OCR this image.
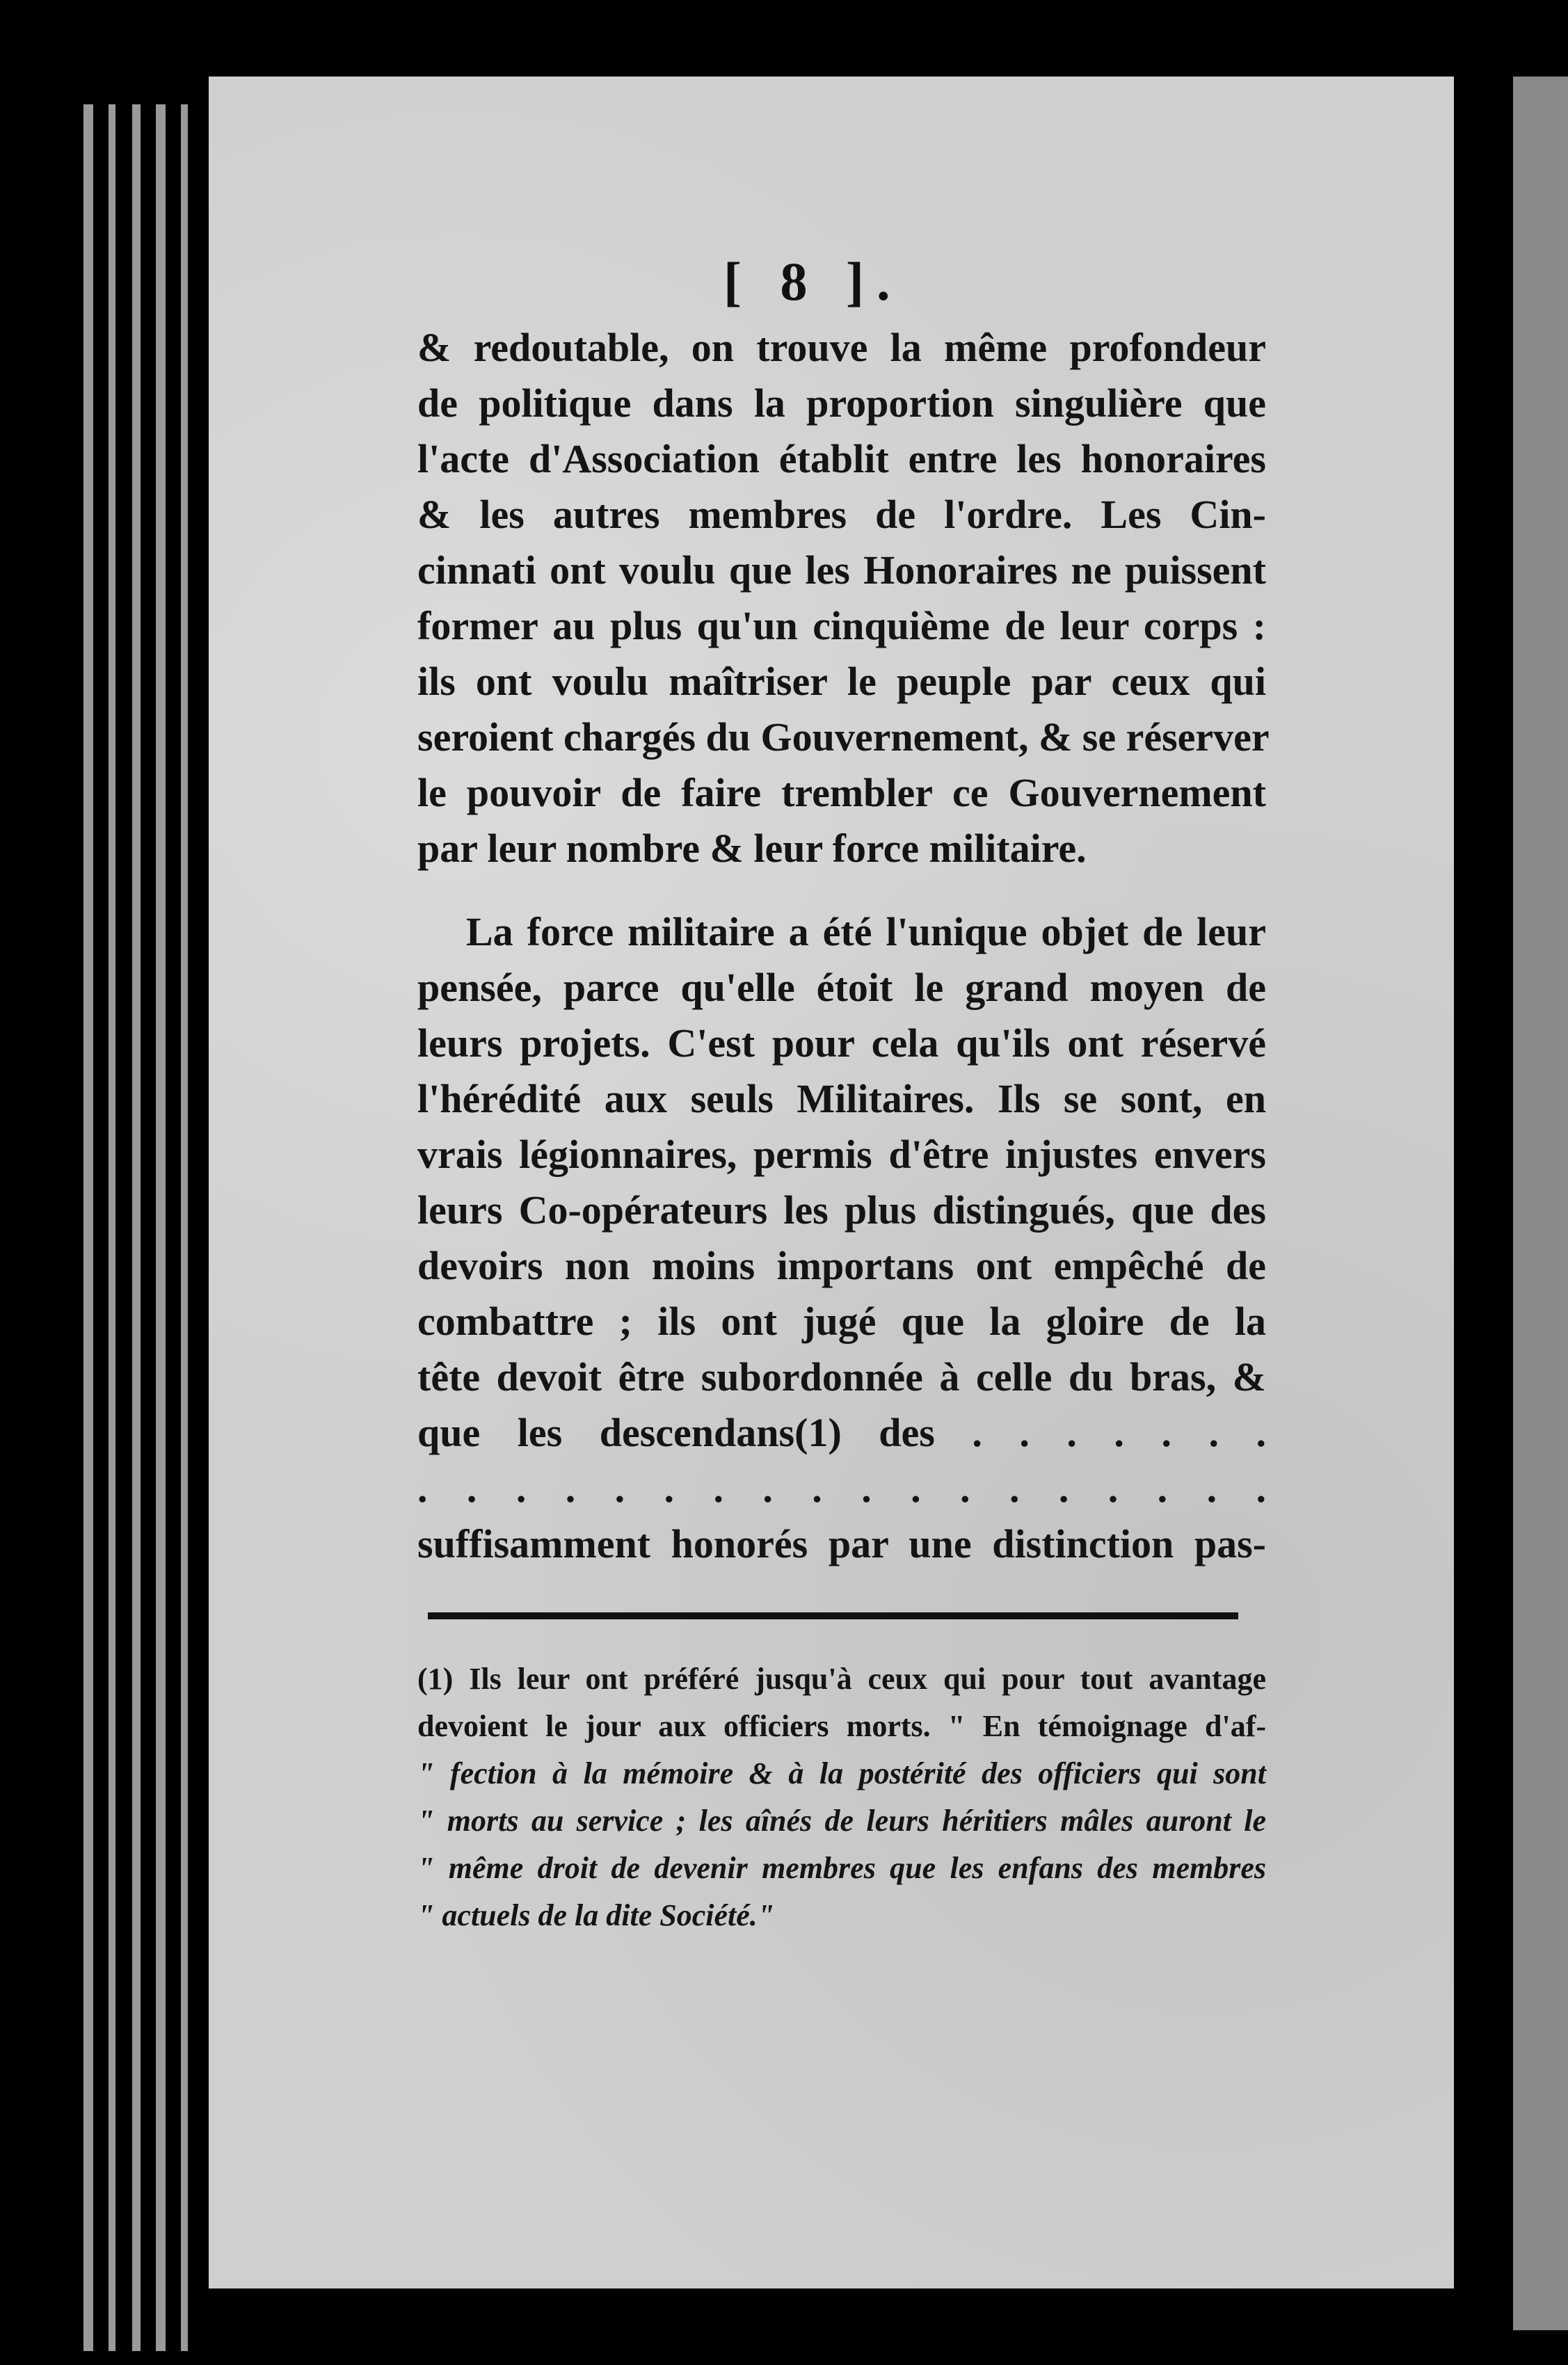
[ 8 ].
& redoutable, on trouve la même profondeur
de politique dans la proportion singulière que
l'acte d'Association établit entre les honoraires
& les autres membres de l'ordre. Les Cin-
cinnati ont voulu que les Honoraires ne puissent
former au plus qu'un cinquième de leur corps :
ils ont voulu maîtriser le peuple par ceux qui
seroient chargés du Gouvernement, & se réserver
le pouvoir de faire trembler ce Gouvernement
par leur nombre & leur force militaire.
La force militaire a été l'unique objet de leur
pensée, parce qu'elle étoit le grand moyen de
leurs projets. C'est pour cela qu'ils ont réservé
l'hérédité aux seuls Militaires. Ils se sont, en
vrais légionnaires, permis d'être injustes envers
leurs Co-opérateurs les plus distingués, que des
devoirs non moins importans ont empêché de
combattre ; ils ont jugé que la gloire de la
tête devoit être subordonnée à celle du bras, &
que les descendans(1) des . . . . . . .
. . . . . . . . . . . . . . . . . .
suffisamment honorés par une distinction pas-
(1) Ils leur ont préféré jusqu'à ceux qui pour tout avantage
devoient le jour aux officiers morts. " En témoignage d'af-
" fection à la mémoire & à la postérité des officiers qui sont
" morts au service ; les aînés de leurs héritiers mâles auront le
" même droit de devenir membres que les enfans des membres
" actuels de la dite Société."
